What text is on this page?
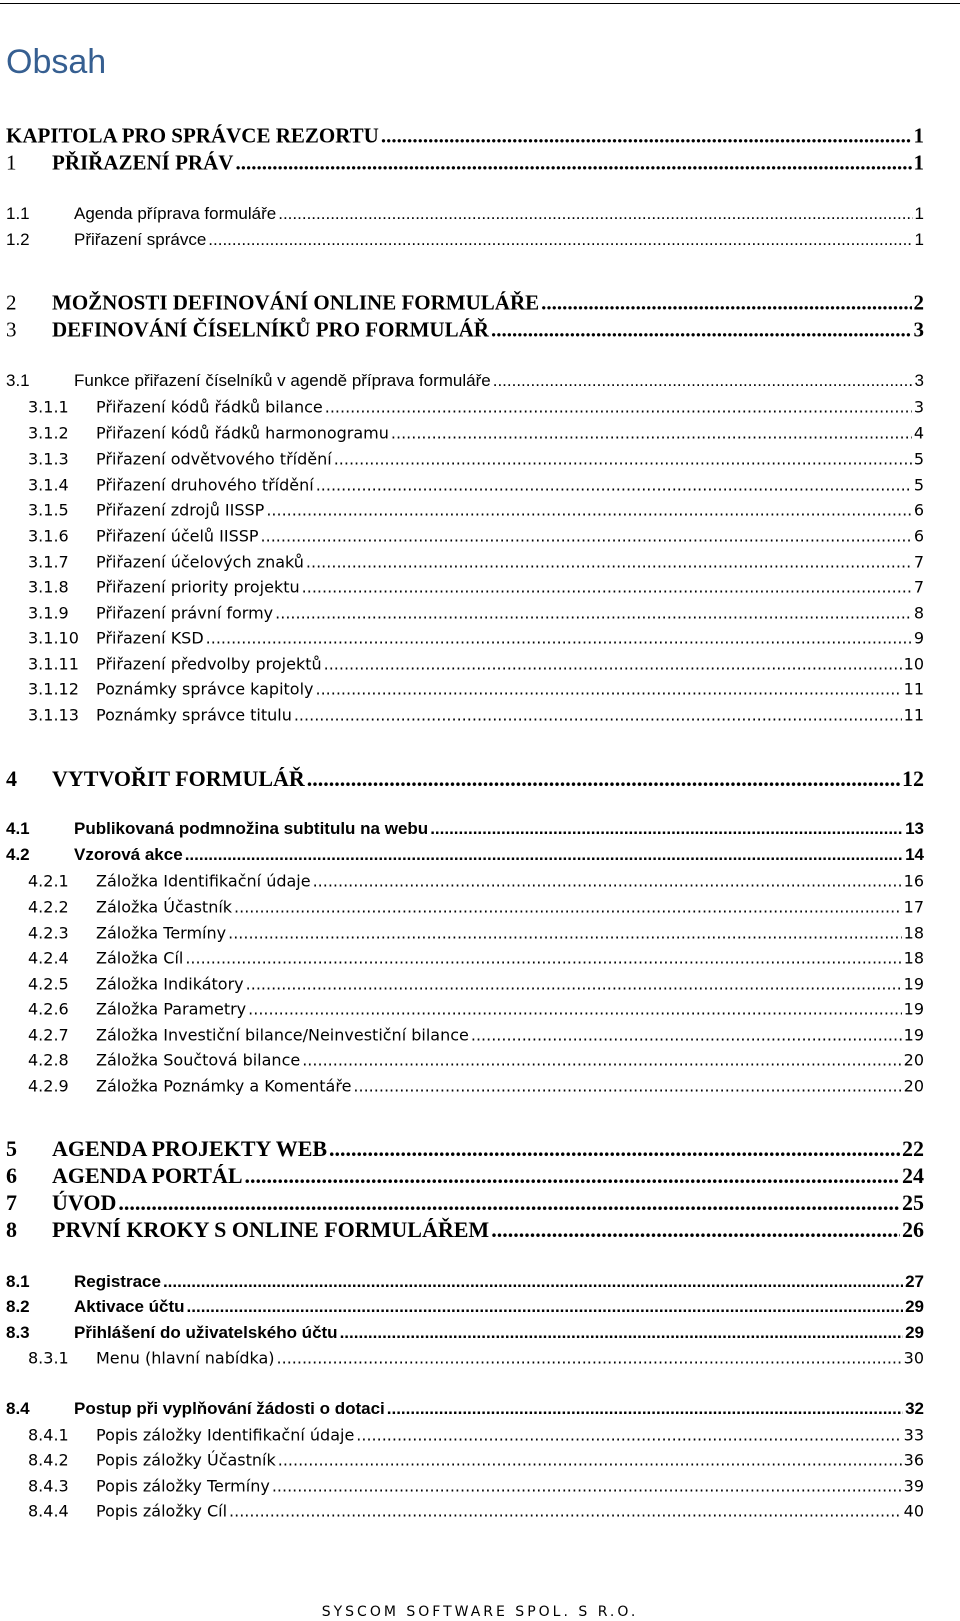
Obsah
KAPITOLA PRO SPRÁVCE REZORTU .....	1
1	PŘIŘAZENÍ PRÁV .....	1
1.1	Agenda příprava formuláře .....	1
1.2	Přiřazení správce .....	1
2	MOŽNOSTI DEFINOVÁNÍ ONLINE FORMULÁŘE .....	2
3	DEFINOVÁNÍ ČÍSELNÍKŮ PRO FORMULÁŘ .....	3
3.1	Funkce přiřazení číselníků v agendě příprava formuláře .....	3
3.1.1	Přiřazení kódů řádků bilance .....	3
3.1.2	Přiřazení kódů řádků harmonogramu .....	4
3.1.3	Přiřazení odvětvového třídění .....	5
3.1.4	Přiřazení druhového třídění .....	5
3.1.5	Přiřazení zdrojů IISSP .....	6
3.1.6	Přiřazení účelů IISSP .....	6
3.1.7	Přiřazení účelových znaků .....	7
3.1.8	Přiřazení priority projektu .....	7
3.1.9	Přiřazení právní formy .....	8
3.1.10	Přiřazení KSD .....	9
3.1.11	Přiřazení předvolby projektů .....	10
3.1.12	Poznámky správce kapitoly .....	11
3.1.13	Poznámky správce titulu .....	11
4	VYTVOŘIT FORMULÁŘ .....	12
4.1	Publikovaná podmnožina subtitulu na webu .....	13
4.2	Vzorová akce .....	14
4.2.1	Záložka Identifikační údaje .....	16
4.2.2	Záložka Účastník .....	17
4.2.3	Záložka Termíny .....	18
4.2.4	Záložka Cíl .....	18
4.2.5	Záložka Indikátory .....	19
4.2.6	Záložka Parametry .....	19
4.2.7	Záložka Investiční bilance/Neinvestiční bilance .....	19
4.2.8	Záložka Součtová bilance .....	20
4.2.9	Záložka Poznámky a Komentáře .....	20
5	AGENDA PROJEKTY WEB .....	22
6	AGENDA PORTÁL .....	24
7	ÚVOD .....	25
8	PRVNÍ KROKY S ONLINE FORMULÁŘEM .....	26
8.1	Registrace .....	27
8.2	Aktivace účtu .....	29
8.3	Přihlášení do uživatelského účtu .....	29
8.3.1	Menu (hlavní nabídka) .....	30
8.4	Postup při vyplňování žádosti o dotaci .....	32
8.4.1	Popis záložky Identifikační údaje .....	33
8.4.2	Popis záložky Účastník .....	36
8.4.3	Popis záložky Termíny .....	39
8.4.4	Popis záložky Cíl .....	40
SYSCOM SOFTWARE SPOL. S R.O.
